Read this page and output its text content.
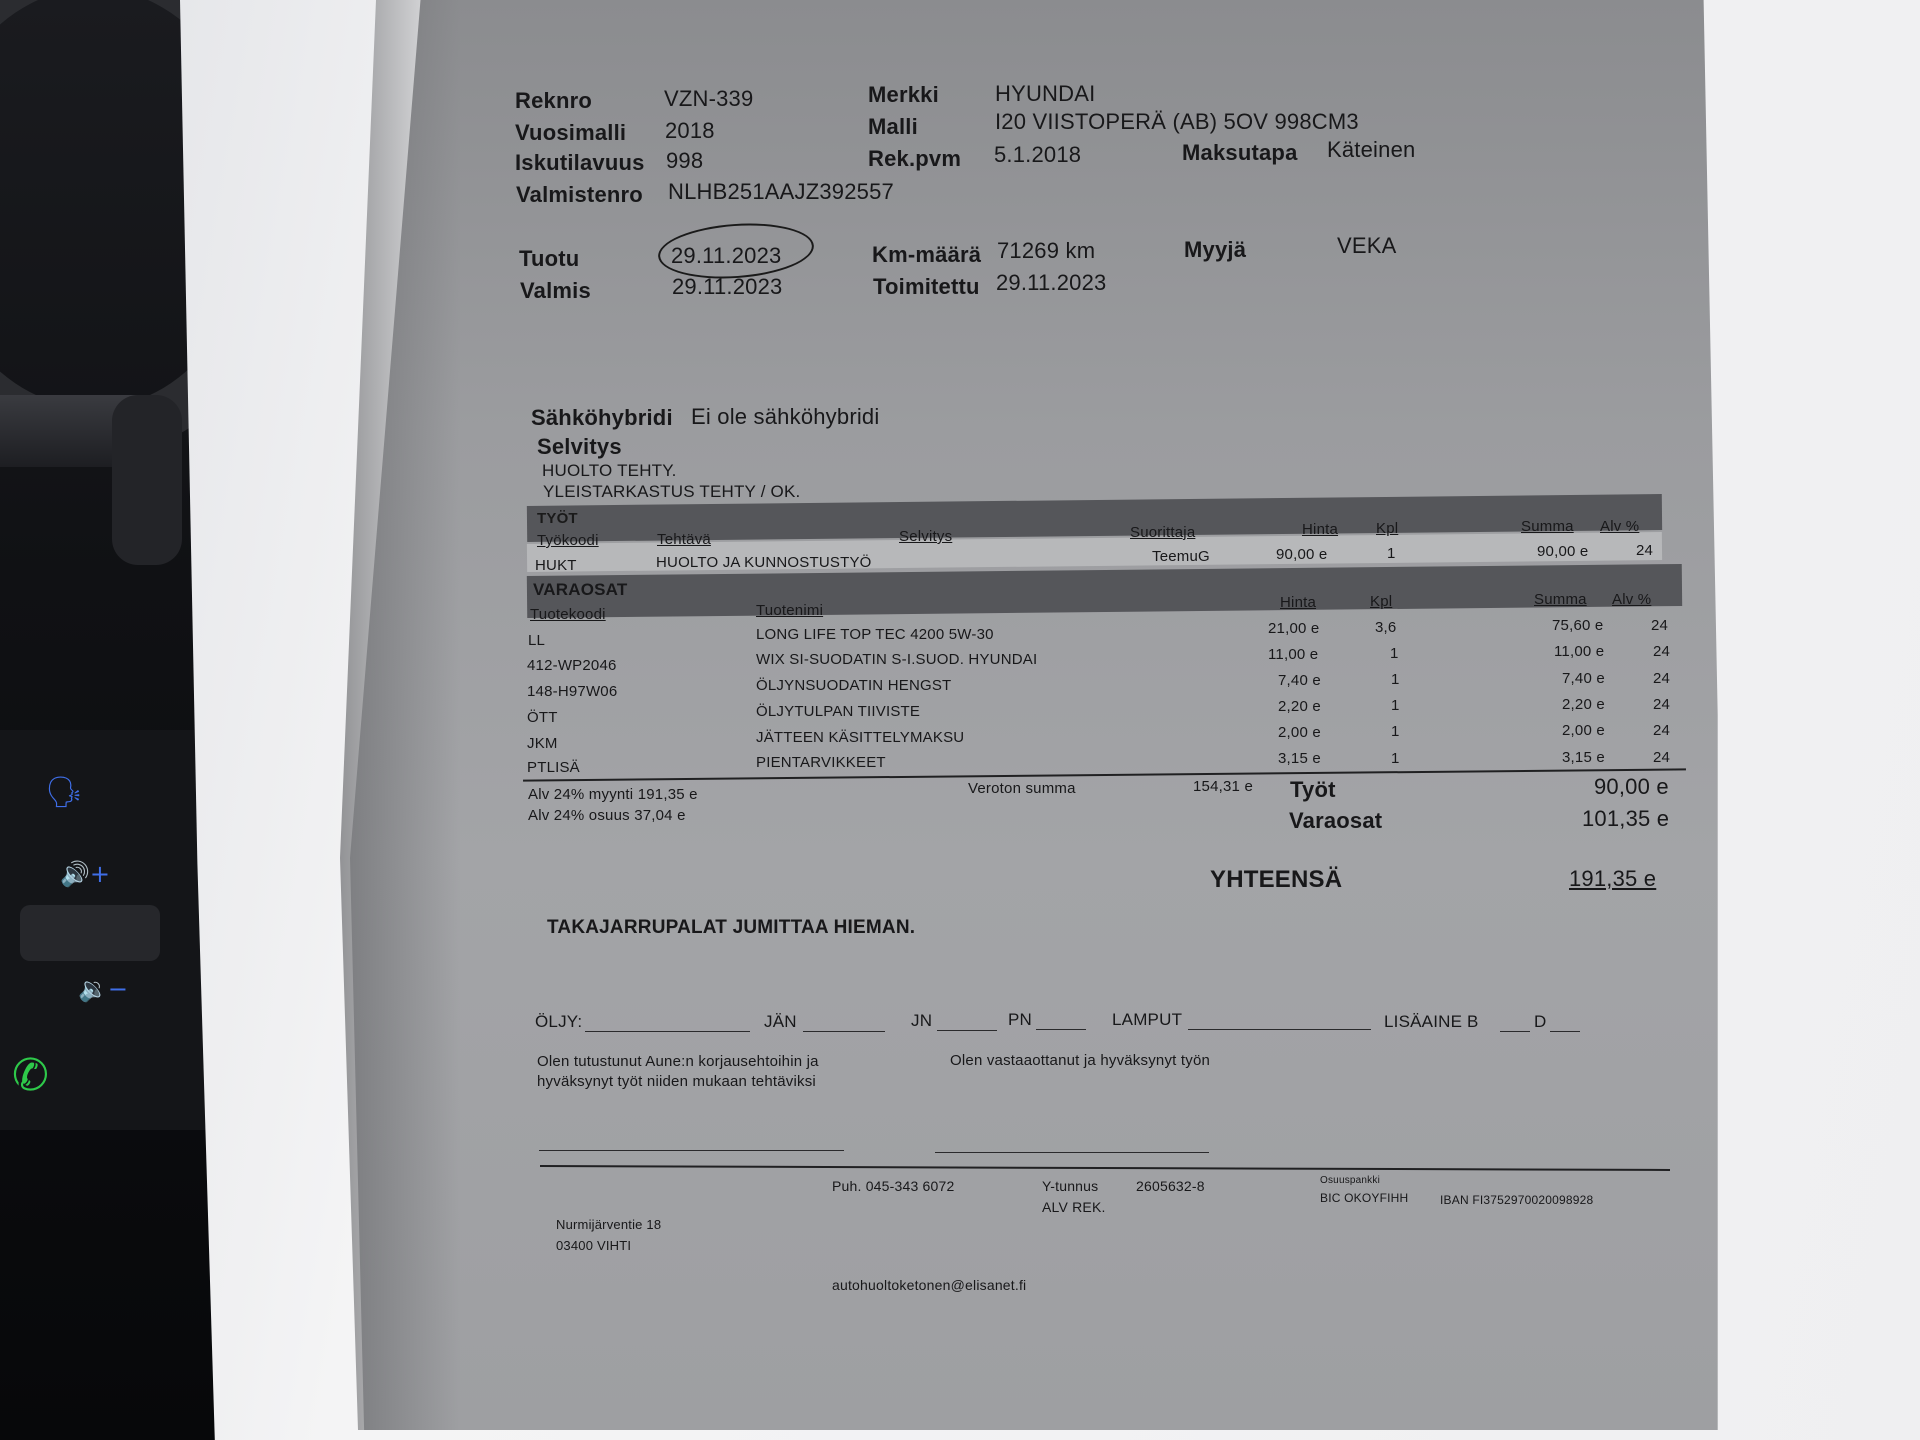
🗣
🔊+
🔉−
✆
Reknro	VZN-339
Vuosimalli 2018
Iskutilavuus 998
Valmistenro NLHB251AAJZ392557
Merkki	HYUNDAI
Malli	I20 VIISTOPERÄ (AB) 5OV 998CM3
Rek.pvm 5.1.2018	Maksutapa Käteinen
Tuotu	29.11.2023
Valmis	29.11.2023
Km-määrä 71269 km
Toimitettu 29.11.2023
Myyjä	VEKA
Sähköhybridi Ei ole sähköhybridi
Selvitys
HUOLTO TEHTY.
YLEISTARKASTUS TEHTY / OK.
TYÖT
Työkoodi	Tehtävä	Selvitys	Suorittaja	Hinta	Kpl	Summa Alv %
HUKT	HUOLTO JA KUNNOSTUSTYÖ	TeemuG	90,00 e	1	90,00 e	24
VARAOSAT
Tuotekoodi	Tuotenimi	Hinta	Kpl	Summa Alv %
LL	LONG LIFE TOP TEC 4200 5W-30	21,00 e	3,6	75,60 e	24
412-WP2046	WIX SI-SUODATIN S-I.SUOD. HYUNDAI	11,00 e	1	11,00 e	24
148-H97W06	ÖLJYNSUODATIN HENGST	7,40 e	1	7,40 e	24
ÖTT	ÖLJYTULPAN TIIVISTE	2,20 e	1	2,20 e	24
JKM	JÄTTEEN KÄSITTELYMAKSU	2,00 e	1	2,00 e	24
PTLISÄ	PIENTARVIKKEET	3,15 e	1	3,15 e	24
Alv 24% myynti 191,35 e
Alv 24% osuus 37,04 e
Veroton summa	154,31 e Työt	90,00 e
Varaosat	101,35 e
YHTEENSÄ	191,35 e
TAKAJARRUPALAT JUMITTAA HIEMAN.
ÖLJY:	JÄN	JN	PN	LAMPUT	LISÄAINE B	D
Olen tutustunut Aune:n korjausehtoihin ja
hyväksynyt työt niiden mukaan tehtäviksi
Olen vastaaottanut ja hyväksynyt työn
Puh. 045-343 6072	Y-tunnus	2605632-8
ALV REK.
Osuuspankki
BIC OKOYFIHH	IBAN FI3752970020098928
Nurmijärventie 18
03400 VIHTI
autohuoltoketonen@elisanet.fi
